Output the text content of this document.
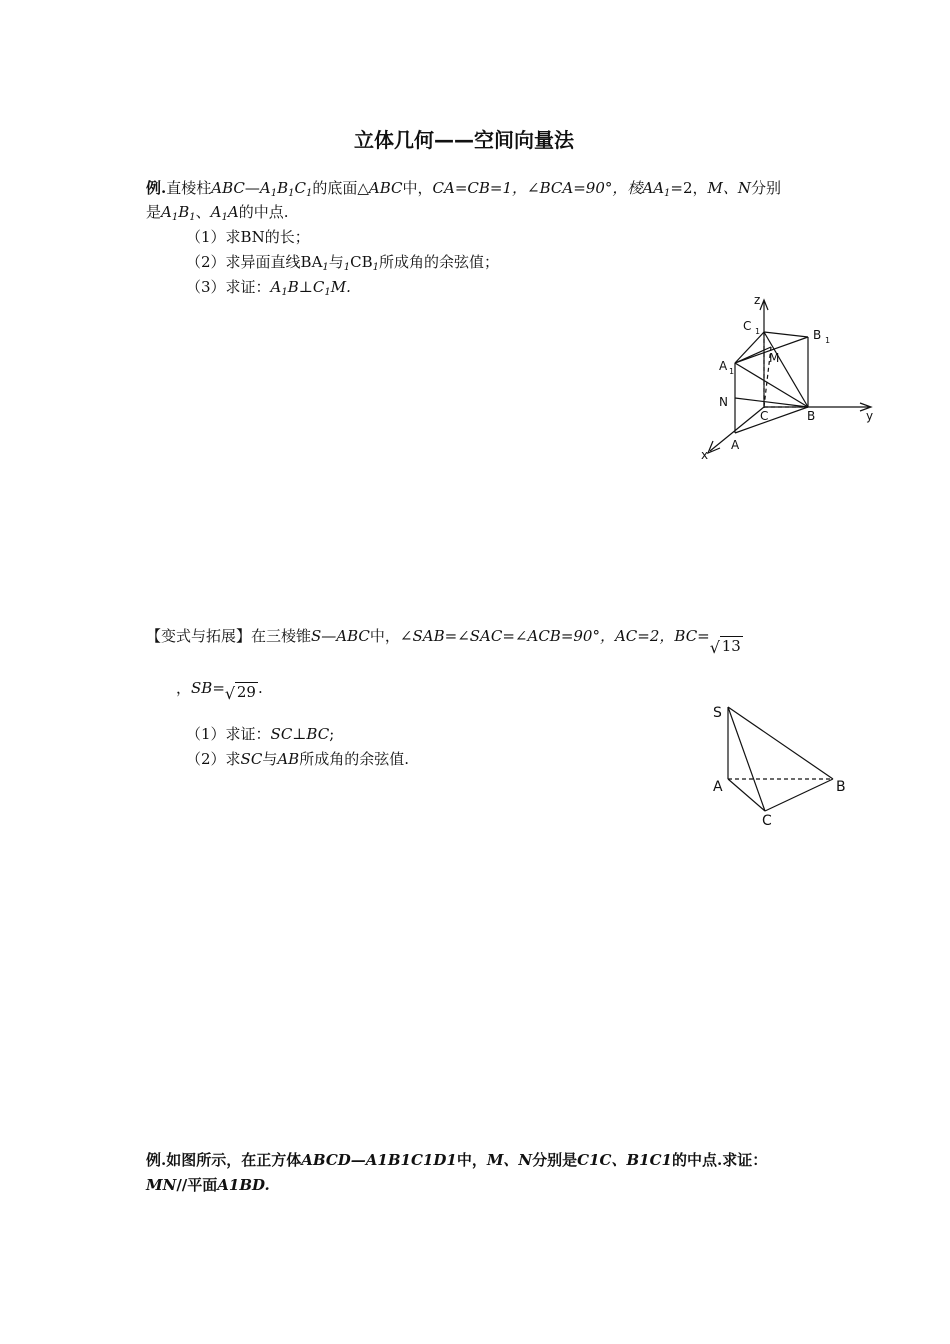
立体几何——空间向量法
例.直棱柱$ABC—A_1B_1C_1$的底面△ABC中，CA=CB=1，∠BCA=90°，棱$AA_1=2$，M、N分别
是$A_1B_1$、$A_1A$的中点.
（1）求BN的长；
（2）求异面直线$BA_1$与$_1CB_1$所成角的余弦值；
（3）求证：$A_1B\perp C_1M$.
z
y
x
C 1	B 1
M
A 1
N
C	B
A
【变式与拓展】在三棱锥S—ABC中，∠SAB=∠SAC=∠ACB=90°，AC=2，BC=
√ 13
，SB= √ 29 .
（1）求证：SC⊥BC;
（2）求SC与AB所成角的余弦值.
S
A	B
C
例.如图所示，在正方体ABCD—A1B1C1D1中，M、N分别是C1C、B1C1的中点.求证：
MN//平面A1BD.
